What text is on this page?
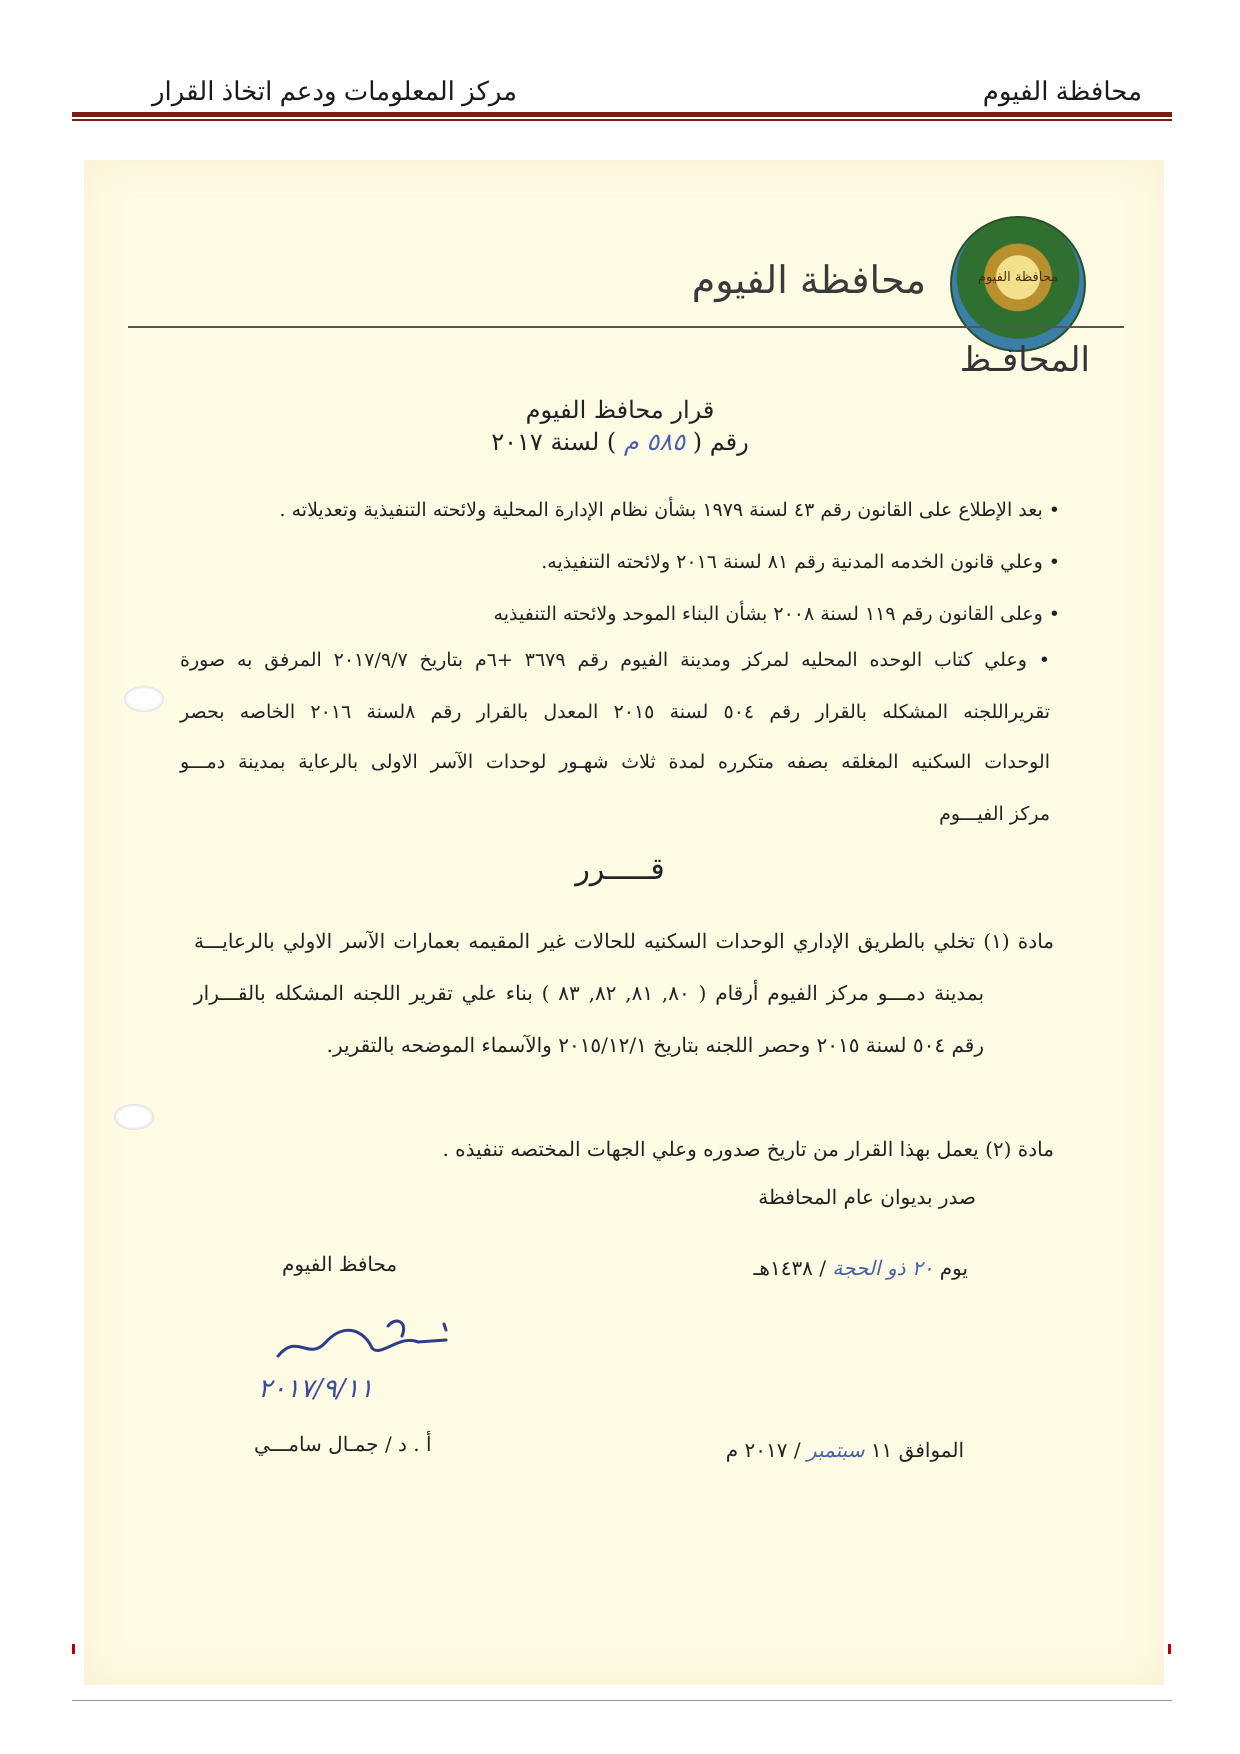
محافظة الفيوم
مركز المعلومات ودعم اتخاذ القرار
محافظة الفيوم
محافظة الفيوم
المحافـظ
قرار محافظ الفيوم
رقم ( ٥٨٥ م ) لسنة ٢٠١٧
• بعد الإطلاع على القانون رقم ٤٣ لسنة ١٩٧٩ بشأن نظام الإدارة المحلية ولائحته التنفيذية وتعديلاته .
• وعلي قانون الخدمه المدنية رقم ٨١ لسنة ٢٠١٦ ولائحته التنفيذيه.
• وعلى القانون رقم ١١٩ لسنة ٢٠٠٨ بشأن البناء الموحد ولائحته التنفيذيه
• وعلي كتاب الوحده المحليه لمركز ومدينة الفيوم رقم ٣٦٧٩ +٦م بتاريخ ٢٠١٧/٩/٧ المرفق به صورة
تقريراللجنه المشكله بالقرار رقم ٥٠٤ لسنة ٢٠١٥ المعدل بالقرار رقم ٨لسنة ٢٠١٦ الخاصه بحصر
الوحدات السكنيه المغلقه بصفه متكرره لمدة ثلاث شهـور لوحدات الآسر الاولى بالرعاية بمدينة دمـــو
مركز الفيـــوم
قـــــرر
مادة (١) تخلي بالطريق الإداري الوحدات السكنيه للحالات غير المقيمه بعمارات الآسر الاولي بالرعايـــة
بمدينة دمـــو مركز الفيوم أرقام ( ٨٠, ٨١, ٨٢, ٨٣ ) بناء علي تقرير اللجنه المشكله بالقـــرار
رقم ٥٠٤ لسنة ٢٠١٥ وحصر اللجنه بتاريخ ٢٠١٥/١٢/١ والآسماء الموضحه بالتقرير.
مادة (٢) يعمل بهذا القرار من تاريخ صدوره وعلي الجهات المختصه تنفيذه .
صدر بديوان عام المحافظة
يوم ٢٠ ذو الحجة / ١٤٣٨هـ
محافظ الفيوم
٢٠١٧/٩/١١
أ . د / جمـال سامـــي	الموافق ١١ سبتمبر / ٢٠١٧ م
